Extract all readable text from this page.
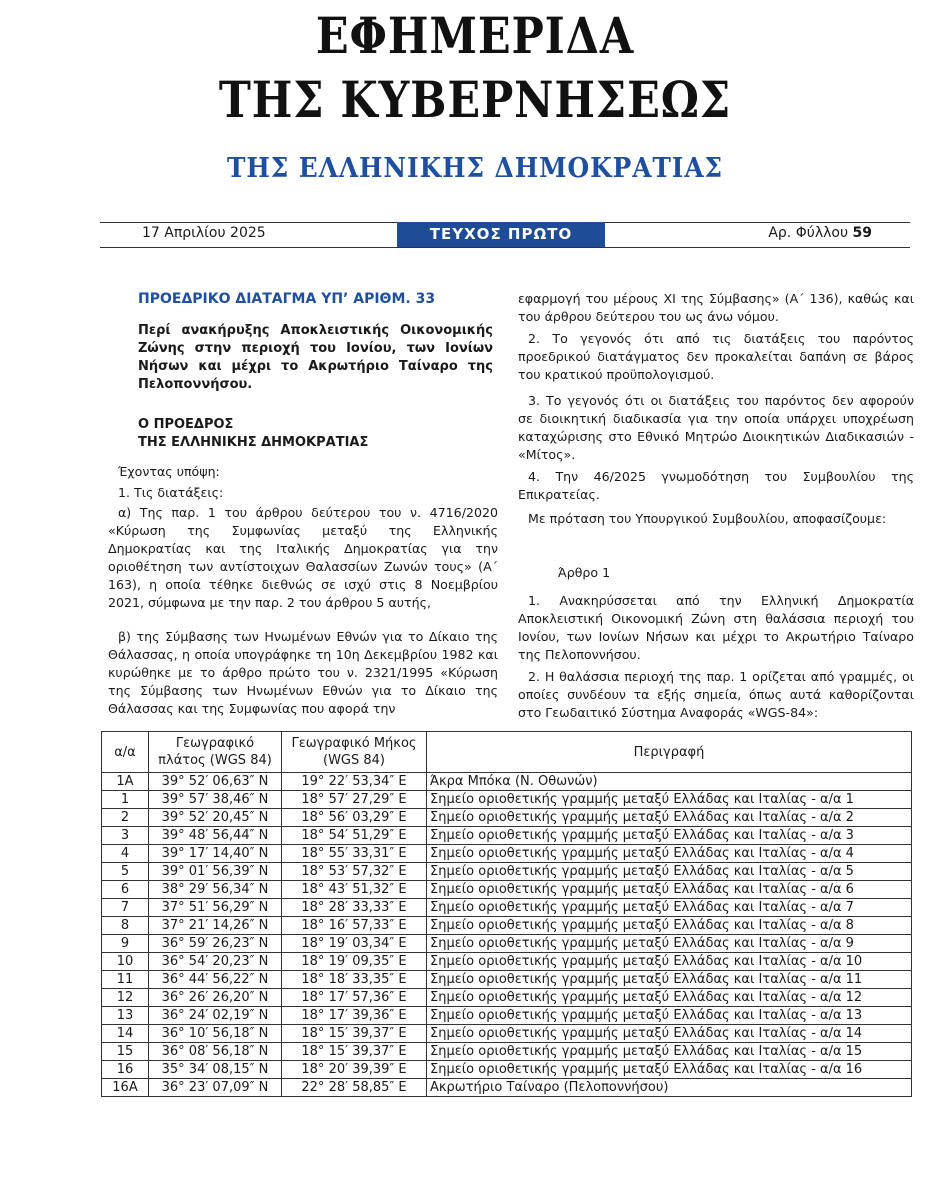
ΕΦΗΜΕΡΙΔΑ
ΤΗΣ ΚΥΒΕΡΝΗΣΕΩΣ
ΤΗΣ ΕΛΛΗΝΙΚΗΣ ΔΗΜΟΚΡΑΤΙΑΣ
17 Απριλίου 2025	ΤΕΥΧΟΣ ΠΡΩΤΟ	Αρ. Φύλλου 59
ΠΡΟΕΔΡΙΚΟ ΔΙΑΤΑΓΜΑ ΥΠ’ ΑΡΙΘΜ. 33
Περί ανακήρυξης Αποκλειστικής Οικονομικής Ζώνης στην περιοχή του Ιονίου, των Ιονίων Νήσων και μέχρι το Ακρωτήριο Ταίναρο της Πελοποννήσου.
Ο ΠΡΟΕΔΡΟΣ
ΤΗΣ ΕΛΛΗΝΙΚΗΣ ΔΗΜΟΚΡΑΤΙΑΣ
Έχοντας υπόψη:
1. Τις διατάξεις:
α) Της παρ. 1 του άρθρου δεύτερου του ν. 4716/2020 «Κύρωση της Συμφωνίας μεταξύ της Ελληνικής Δημοκρατίας και της Ιταλικής Δημοκρατίας για την οριοθέτηση των αντίστοιχων Θαλασσίων Ζωνών τους» (Α΄ 163), η οποία τέθηκε διεθνώς σε ισχύ στις 8 Νοεμβρίου 2021, σύμφωνα με την παρ. 2 του άρθρου 5 αυτής,
β) της Σύμβασης των Ηνωμένων Εθνών για το Δίκαιο της Θάλασσας, η οποία υπογράφηκε τη 10η Δεκεμβρίου 1982 και κυρώθηκε με το άρθρο πρώτο του ν. 2321/1995 «Κύρωση της Σύμβασης των Ηνωμένων Εθνών για το Δίκαιο της Θάλασσας και της Συμφωνίας που αφορά την
εφαρμογή του μέρους XI της Σύμβασης» (Α΄ 136), καθώς και του άρθρου δεύτερου του ως άνω νόμου.
2. Το γεγονός ότι από τις διατάξεις του παρόντος προεδρικού διατάγματος δεν προκαλείται δαπάνη σε βάρος του κρατικού προϋπολογισμού.
3. Το γεγονός ότι οι διατάξεις του παρόντος δεν αφορούν σε διοικητική διαδικασία για την οποία υπάρχει υποχρέωση καταχώρισης στο Εθνικό Μητρώο Διοικητικών Διαδικασιών - «Μίτος».
4. Την 46/2025 γνωμοδότηση του Συμβουλίου της Επικρατείας.
Με πρόταση του Υπουργικού Συμβουλίου, αποφασίζουμε:
Άρθρο 1
1. Ανακηρύσσεται από την Ελληνική Δημοκρατία Αποκλειστική Οικονομική Ζώνη στη θαλάσσια περιοχή του Ιονίου, των Ιονίων Νήσων και μέχρι το Ακρωτήριο Ταίναρο της Πελοποννήσου.
2. Η θαλάσσια περιοχή της παρ. 1 ορίζεται από γραμμές, οι οποίες συνδέουν τα εξής σημεία, όπως αυτά καθορίζονται στο Γεωδαιτικό Σύστημα Αναφοράς «WGS-84»:
α/α	Γεωγραφικό πλάτος (WGS 84)	Γεωγραφικό Μήκος (WGS 84)	Περιγραφή
1Α	39° 52′ 06,63″ N	19° 22′ 53,34″ E	Άκρα Μπόκα (Ν. Οθωνών)
1	39° 57′ 38,46″ N	18° 57′ 27,29″ E	Σημείο οριοθετικής γραμμής μεταξύ Ελλάδας και Ιταλίας - α/α 1
2	39° 52′ 20,45″ N	18° 56′ 03,29″ E	Σημείο οριοθετικής γραμμής μεταξύ Ελλάδας και Ιταλίας - α/α 2
3	39° 48′ 56,44″ N	18° 54′ 51,29″ E	Σημείο οριοθετικής γραμμής μεταξύ Ελλάδας και Ιταλίας - α/α 3
4	39° 17′ 14,40″ N	18° 55′ 33,31″ E	Σημείο οριοθετικής γραμμής μεταξύ Ελλάδας και Ιταλίας - α/α 4
5	39° 01′ 56,39″ N	18° 53′ 57,32″ E	Σημείο οριοθετικής γραμμής μεταξύ Ελλάδας και Ιταλίας - α/α 5
6	38° 29′ 56,34″ N	18° 43′ 51,32″ E	Σημείο οριοθετικής γραμμής μεταξύ Ελλάδας και Ιταλίας - α/α 6
7	37° 51′ 56,29″ N	18° 28′ 33,33″ E	Σημείο οριοθετικής γραμμής μεταξύ Ελλάδας και Ιταλίας - α/α 7
8	37° 21′ 14,26″ N	18° 16′ 57,33″ E	Σημείο οριοθετικής γραμμής μεταξύ Ελλάδας και Ιταλίας - α/α 8
9	36° 59′ 26,23″ N	18° 19′ 03,34″ E	Σημείο οριοθετικής γραμμής μεταξύ Ελλάδας και Ιταλίας - α/α 9
10	36° 54′ 20,23″ N	18° 19′ 09,35″ E	Σημείο οριοθετικής γραμμής μεταξύ Ελλάδας και Ιταλίας - α/α 10
11	36° 44′ 56,22″ N	18° 18′ 33,35″ E	Σημείο οριοθετικής γραμμής μεταξύ Ελλάδας και Ιταλίας - α/α 11
12	36° 26′ 26,20″ N	18° 17′ 57,36″ E	Σημείο οριοθετικής γραμμής μεταξύ Ελλάδας και Ιταλίας - α/α 12
13	36° 24′ 02,19″ N	18° 17′ 39,36″ E	Σημείο οριοθετικής γραμμής μεταξύ Ελλάδας και Ιταλίας - α/α 13
14	36° 10′ 56,18″ N	18° 15′ 39,37″ E	Σημείο οριοθετικής γραμμής μεταξύ Ελλάδας και Ιταλίας - α/α 14
15	36° 08′ 56,18″ N	18° 15′ 39,37″ E	Σημείο οριοθετικής γραμμής μεταξύ Ελλάδας και Ιταλίας - α/α 15
16	35° 34′ 08,15″ N	18° 20′ 39,39″ E	Σημείο οριοθετικής γραμμής μεταξύ Ελλάδας και Ιταλίας - α/α 16
16Α	36° 23′ 07,09″ N	22° 28′ 58,85″ E	Ακρωτήριο Ταίναρο (Πελοποννήσου)
